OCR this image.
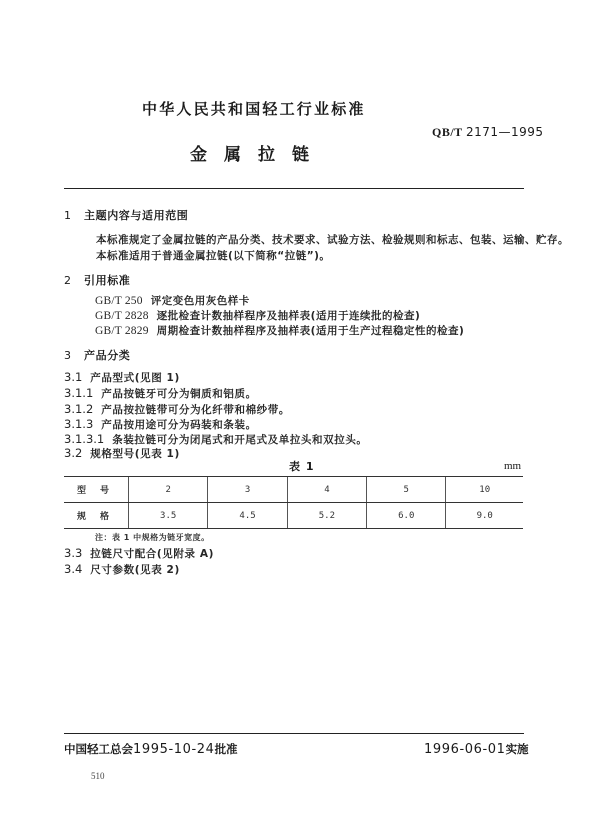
中华人民共和国轻工行业标准
QB/T 2171—1995
金属拉链
1 主题内容与适用范围
本标准规定了金属拉链的产品分类、技术要求、试验方法、检验规则和标志、包装、运输、贮存。
本标准适用于普通金属拉链(以下简称“拉链”)。
2 引用标准
GB/T 250 评定变色用灰色样卡
GB/T 2828 逐批检查计数抽样程序及抽样表(适用于连续批的检查)
GB/T 2829 周期检查计数抽样程序及抽样表(适用于生产过程稳定性的检查)
3 产品分类
3.1 产品型式(见图 1)
3.1.1 产品按链牙可分为铜质和铝质。
3.1.2 产品按拉链带可分为化纤带和棉纱带。
3.1.3 产品按用途可分为码装和条装。
3.1.3.1 条装拉链可分为闭尾式和开尾式及单拉头和双拉头。
3.2 规格型号(见表 1)
表 1	mm
型号	2	3	4	5	10
规格	3.5	4.5	5.2	6.0	9.0
注：表 1 中规格为链牙宽度。
3.3 拉链尺寸配合(见附录 A)
3.4 尺寸参数(见表 2)
中国轻工总会1995-10-24批准	1996-06-01实施
510
